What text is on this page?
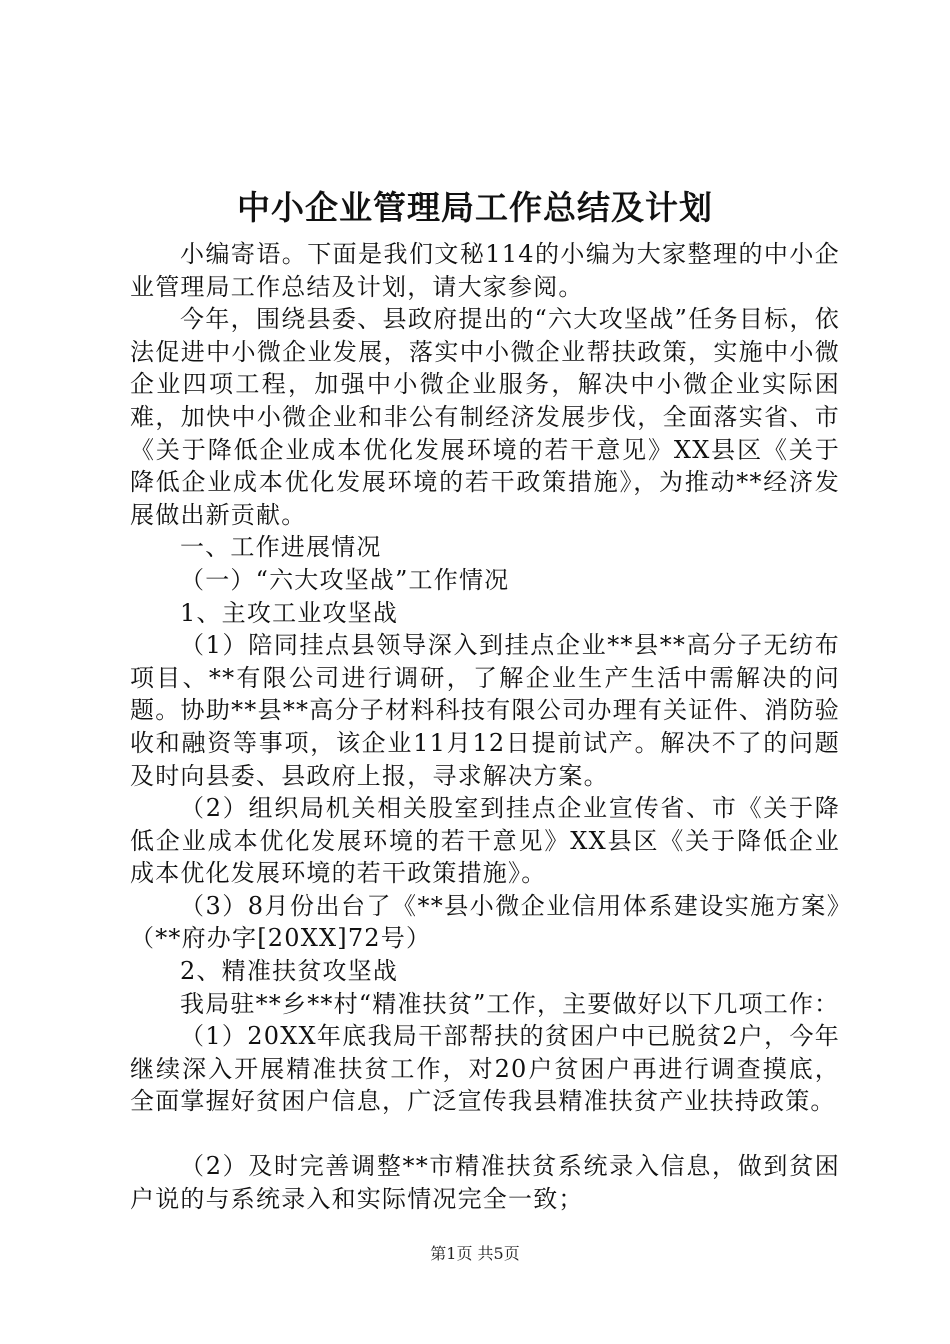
中小企业管理局工作总结及计划

小编寄语。下面是我们文秘114的小编为大家整理的中小企业管理局工作总结及计划，请大家参阅。

今年，围绕县委、县政府提出的“六大攻坚战”任务目标，依法促进中小微企业发展，落实中小微企业帮扶政策，实施中小微企业四项工程，加强中小微企业服务，解决中小微企业实际困难，加快中小微企业和非公有制经济发展步伐，全面落实省、市《关于降低企业成本优化发展环境的若干意见》XX县区《关于降低企业成本优化发展环境的若干政策措施》，为推动**经济发展做出新贡献。

一、工作进展情况

（一）“六大攻坚战”工作情况

1、主攻工业攻坚战

（1）陪同挂点县领导深入到挂点企业**县**高分子无纺布项目、**有限公司进行调研，了解企业生产生活中需解决的问题。协助**县**高分子材料科技有限公司办理有关证件、消防验收和融资等事项，该企业11月12日提前试产。解决不了的问题及时向县委、县政府上报，寻求解决方案。

（2）组织局机关相关股室到挂点企业宣传省、市《关于降低企业成本优化发展环境的若干意见》XX县区《关于降低企业成本优化发展环境的若干政策措施》。

（3）8月份出台了《**县小微企业信用体系建设实施方案》（**府办字[20XX]72号）

2、精准扶贫攻坚战

我局驻**乡**村“精准扶贫”工作，主要做好以下几项工作：

（1）20XX年底我局干部帮扶的贫困户中已脱贫2户，今年继续深入开展精准扶贫工作，对20户贫困户再进行调查摸底，全面掌握好贫困户信息，广泛宣传我县精准扶贫产业扶持政策。

（2）及时完善调整**市精准扶贫系统录入信息，做到贫困户说的与系统录入和实际情况完全一致；

第1页 共5页
